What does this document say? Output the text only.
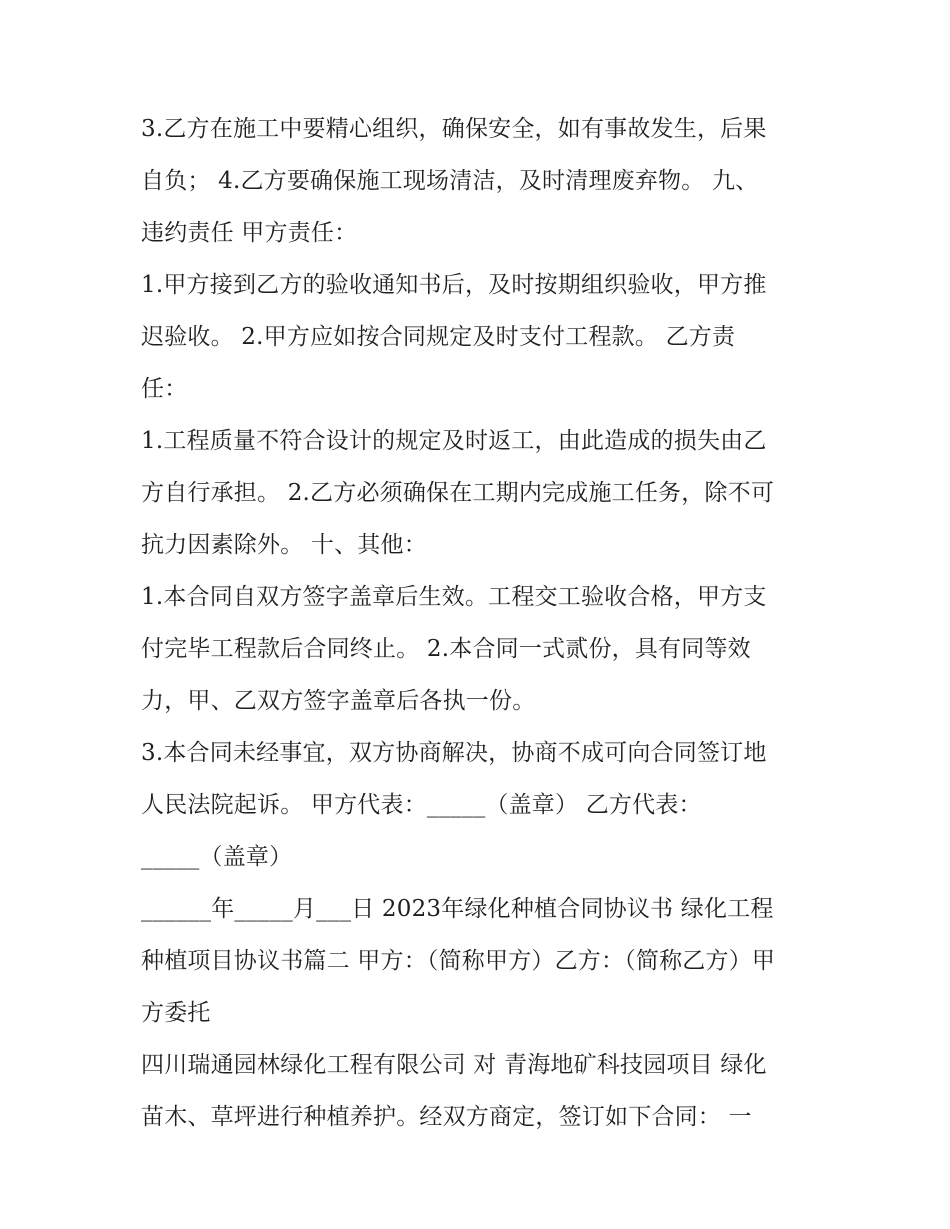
3.乙方在施工中要精心组织，确保安全，如有事故发生，后果
自负； 4.乙方要确保施工现场清洁，及时清理废弃物。 九、
违约责任 甲方责任：
1.甲方接到乙方的验收通知书后，及时按期组织验收，甲方推
迟验收。 2.甲方应如按合同规定及时支付工程款。 乙方责
任：
1.工程质量不符合设计的规定及时返工，由此造成的损失由乙
方自行承担。 2.乙方必须确保在工期内完成施工任务，除不可
抗力因素除外。 十、其他：
1.本合同自双方签字盖章后生效。工程交工验收合格，甲方支
付完毕工程款后合同终止。 2.本合同一式贰份，具有同等效
力，甲、乙双方签字盖章后各执一份。
3.本合同未经事宜，双方协商解决，协商不成可向合同签订地
人民法院起诉。 甲方代表：_____（盖章） 乙方代表：
_____（盖章）
______年_____月___日 2023年绿化种植合同协议书 绿化工程
种植项目协议书篇二 甲方：（简称甲方）乙方：（简称乙方）甲
方委托
四川瑞通园林绿化工程有限公司 对 青海地矿科技园项目 绿化
苗木、草坪进行种植养护。经双方商定，签订如下合同： 一
